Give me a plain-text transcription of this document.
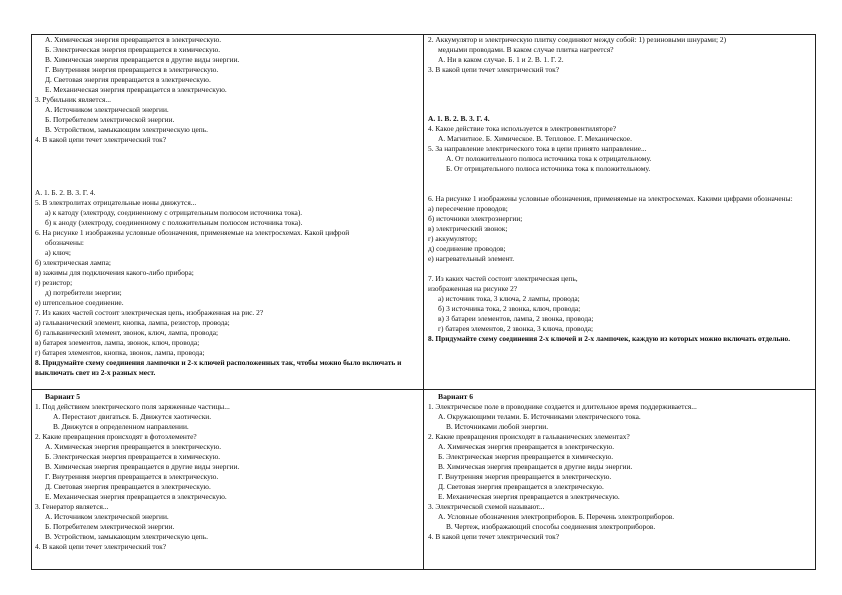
А. Химическая энергия превращается в электрическую.
Б. Электрическая энергия превращается в химическую.
В. Химическая энергия превращается в другие виды энергии.
Г. Внутренняя энергия превращается в электрическую.
Д. Световая энергия превращается в электрическую.
Е. Механическая энергия превращается в электрическую.
3. Рубильник является...
А. Источником электрической энергии.
Б. Потребителем электрической энергии.
В. Устройством, замыкающим электрическую цепь.
4. В какой цепи течет электрический ток?
2. Аккумулятор и электрическую плитку соединяют между собой: 1) резиновыми шнурами; 2)
медными проводами. В каком случае плитка нагреется?
А. Ни в каком случае. Б. 1 и 2. В. 1. Г. 2.
3. В какой цепи течет электрический ток?
А. 1. Б. 2. В. 3. Г. 4.
5. В электролитах отрицательные ионы движутся...
а) к катоду (электроду, соединенному с отрицательным полюсом источника тока).
б) к аноду (электроду, соединенному с положительным полюсом источника тока).
6. На рисунке 1 изображены условные обозначения, применяемые на электросхемах. Какой цифрой
обозначены:
а) ключ;
б) электрическая лампа;
в) зажимы для подключения какого-либо прибора;
г) резистор;
д) потребители энергии;
е) штепсельное соединение.
7. Из каких частей состоит электрическая цепь, изображенная на рис. 2?
а) гальванический элемент, кнопка, лампа, резистор, провода;
б) гальванический элемент, звонок, ключ, лампа, провода;
в) батарея элементов, лампа, звонок, ключ, провода;
г) батарея элементов, кнопка, звонок, лампа, провода;
8. Придумайте схему соединения лампочки и 2-х ключей расположенных так, чтобы можно было включать и выключать свет из 2-х разных мест.
А. 1. В. 2. В. 3. Г. 4.
4. Какое действие тока используется в электровентиляторе?
А. Магнитное. Б. Химическое. В. Тепловое. Г. Механическое.
5. За направление электрического тока в цепи принято направление...
А. От положительного полюса источника тока к отрицательному.
Б. От отрицательного полюса источника тока к положительному.
6. На рисунке 1 изображены условные обозначения, применяемые на электросхемах. Какими цифрами обозначены:
а) пересечение проводов;
б) источники электроэнергии;
в) электрический звонок;
г) аккумулятор;
д) соединение проводов;
е) нагревательный элемент.
7. Из каких частей состоит электрическая цепь,
изображенная на рисунке 2?
а) источник тока, 3 ключа, 2 лампы, провода;
б) 3 источника тока, 2 звонка, ключ, провода;
в) 3 батареи элементов, лампа, 2 звонка, провода;
г) батарея элементов, 2 звонка, 3 ключа, провода;
8. Придумайте схему соединения 2-х ключей и 2-х лампочек, каждую из которых можно включать отдельно.
Вариант 5
1. Под действием электрического поля заряженные частицы...
А. Перестают двигаться. Б. Движутся хаотически.
В. Движутся в определенном направлении.
2. Какие превращения происходят в фотоэлементе?
А. Химическая энергия превращается в электрическую.
Б. Электрическая энергия превращается в химическую.
В. Химическая энергия превращается в другие виды энергии.
Г. Внутренняя энергия превращается в электрическую.
Д. Световая энергия превращается в электрическую.
Е. Механическая энергия превращается в электрическую.
3. Генератор является...
А. Источником электрической энергии.
Б. Потребителем электрической энергии.
В. Устройством, замыкающим электрическую цепь.
4. В какой цепи течет электрический ток?
Вариант 6
1. Электрическое поле в проводнике создается и длительное время поддерживается...
А. Окружающими телами. Б. Источниками электрического тока.
В. Источниками любой энергии.
2. Какие превращения происходят в гальванических элементах?
А. Химическая энергия превращается в электрическую.
Б. Электрическая энергия превращается в химическую.
В. Химическая энергия превращается в другие виды энергии.
Г. Внутренняя энергия превращается в электрическую.
Д. Световая энергия превращается в электрическую.
Е. Механическая энергия превращается в электрическую.
3. Электрической схемой называют...
А. Условные обозначения электроприборов. Б. Перечень электроприборов.
В. Чертеж, изображающий способы соединения электроприборов.
4. В какой цепи течет электрический ток?
